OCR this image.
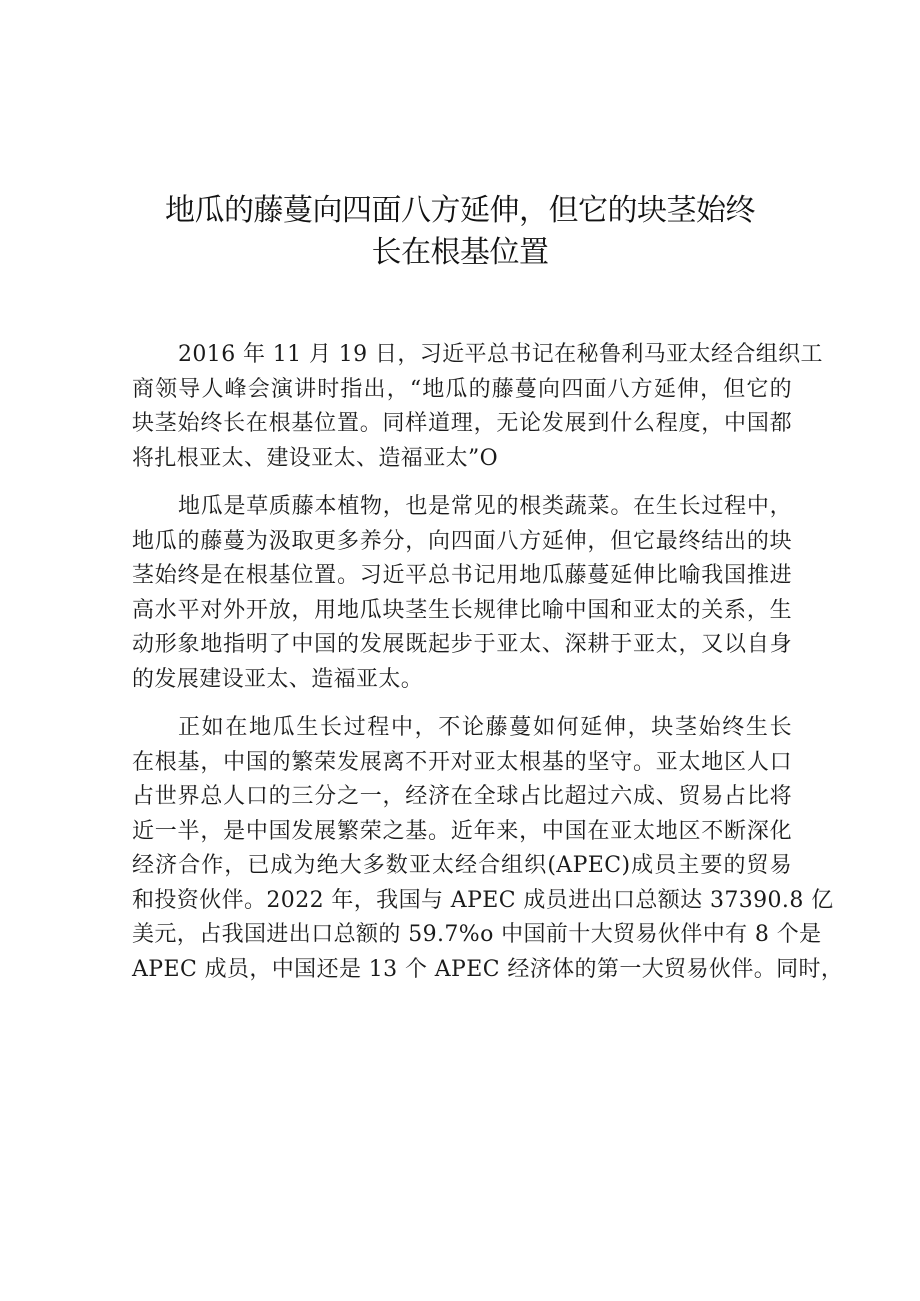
地瓜的藤蔓向四面八方延伸，但它的块茎始终
长在根基位置

2016 年 11 月 19 日，习近平总书记在秘鲁利马亚太经合组织工
商领导人峰会演讲时指出，“地瓜的藤蔓向四面八方延伸，但它的
块茎始终长在根基位置。同样道理，无论发展到什么程度，中国都
将扎根亚太、建设亚太、造福亚太”O

地瓜是草质藤本植物，也是常见的根类蔬菜。在生长过程中，
地瓜的藤蔓为汲取更多养分，向四面八方延伸，但它最终结出的块
茎始终是在根基位置。习近平总书记用地瓜藤蔓延伸比喻我国推进
高水平对外开放，用地瓜块茎生长规律比喻中国和亚太的关系，生
动形象地指明了中国的发展既起步于亚太、深耕于亚太，又以自身
的发展建设亚太、造福亚太。

正如在地瓜生长过程中，不论藤蔓如何延伸，块茎始终生长
在根基，中国的繁荣发展离不开对亚太根基的坚守。亚太地区人口
占世界总人口的三分之一，经济在全球占比超过六成、贸易占比将
近一半，是中国发展繁荣之基。近年来，中国在亚太地区不断深化
经济合作，已成为绝大多数亚太经合组织(APEC)成员主要的贸易
和投资伙伴。2022 年，我国与 APEC 成员进出口总额达 37390.8 亿
美元，占我国进出口总额的 59.7%o 中国前十大贸易伙伴中有 8 个是
APEC 成员，中国还是 13 个 APEC 经济体的第一大贸易伙伴。同时，
